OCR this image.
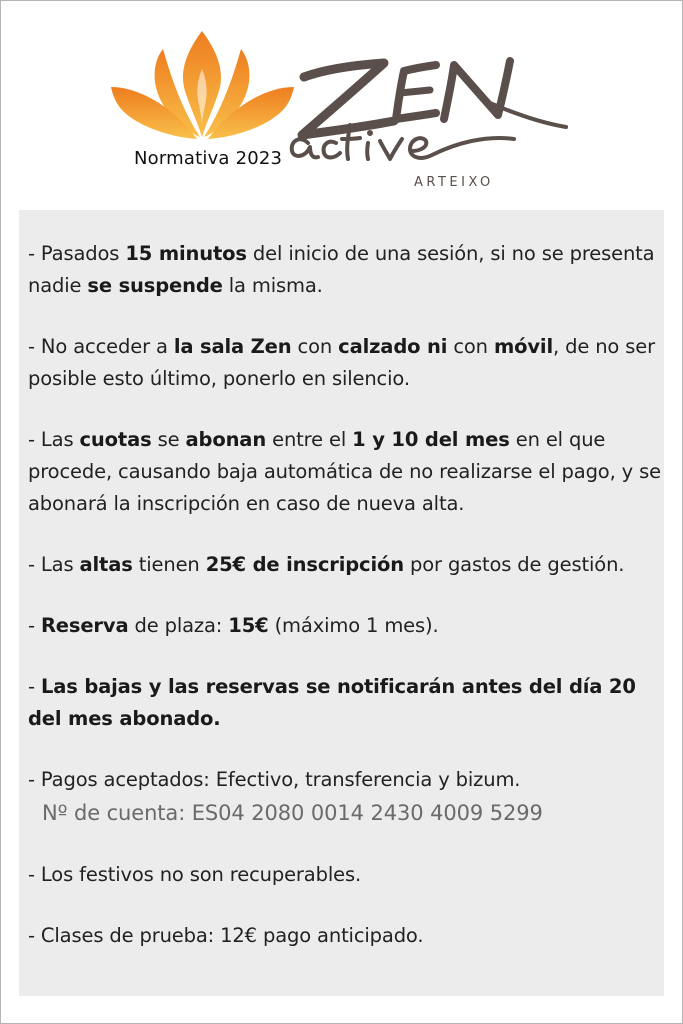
Normativa 2023
ARTEIXO

- Pasados 15 minutos del inicio de una sesión, si no se presenta nadie se suspende la misma.

- No acceder a la sala Zen con calzado ni con móvil, de no ser posible esto último, ponerlo en silencio.

- Las cuotas se abonan entre el 1 y 10 del mes en el que procede, causando baja automática de no realizarse el pago, y se abonará la inscripción en caso de nueva alta.

- Las altas tienen 25€ de inscripción por gastos de gestión.

- Reserva de plaza: 15€ (máximo 1 mes).

- Las bajas y las reservas se notificarán antes del día 20 del mes abonado.

- Pagos aceptados: Efectivo, transferencia y bizum.
Nº de cuenta: ES04 2080 0014 2430 4009 5299

- Los festivos no son recuperables.

- Clases de prueba: 12€ pago anticipado.
